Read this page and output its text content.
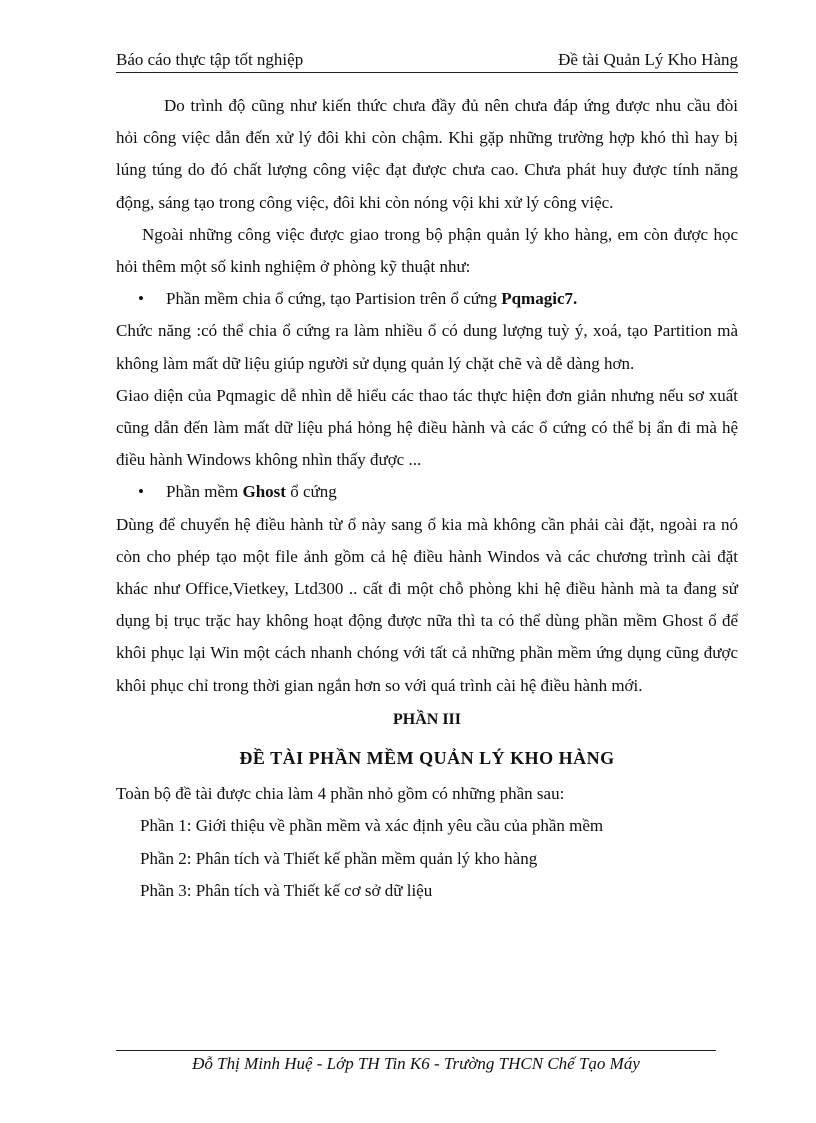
Báo cáo thực tập tốt nghiệp	Đề tài Quản Lý Kho Hàng

Do trình độ cũng như kiến thức chưa đầy đủ nên chưa đáp ứng được nhu cầu đòi hỏi công việc dẫn đến xử lý đôi khi còn chậm. Khi gặp những trường hợp khó thì hay bị lúng túng do đó chất lượng công việc đạt được chưa cao. Chưa phát huy được tính năng động, sáng tạo trong công việc, đôi khi còn nóng vội khi xử lý công việc.

Ngoài những công việc được giao trong bộ phận quản lý kho hàng, em còn được học hỏi thêm một số kinh nghiệm ở phòng kỹ thuật như:

•	Phần mềm chia ổ cứng, tạo Partision trên ổ cứng Pqmagic7.

Chức năng :có thể chia ổ cứng ra làm nhiều ổ có dung lượng tuỳ ý, xoá, tạo Partition mà không làm mất dữ liệu giúp người sử dụng quản lý chặt chẽ và dễ dàng hơn.

Giao diện của Pqmagic dễ nhìn dễ hiểu các thao tác thực hiện đơn giản nhưng nếu sơ xuất cũng dẫn đến làm mất dữ liệu phá hỏng hệ điều hành và các ổ cứng có thể bị ẩn đi mà hệ điều hành Windows không nhìn thấy được ...

•	Phần mềm Ghost ổ cứng

Dùng để chuyển hệ điều hành từ ổ này sang ổ kia mà không cần phải cài đặt, ngoài ra nó còn cho phép tạo một file ảnh gồm cả hệ điều hành Windos và các chương trình cài đặt khác như Office,Vietkey, Ltd300 .. cất đi một chỗ phòng khi hệ điều hành mà ta đang sử dụng bị trục trặc hay không hoạt động được nữa thì ta có thể dùng phần mềm Ghost ổ để khôi phục lại Win một cách nhanh chóng với tất cả những phần mềm ứng dụng cũng được khôi phục chỉ trong thời gian ngắn hơn so với quá trình cài hệ điều hành mới.

PHẦN III

ĐỀ TÀI PHẦN MỀM QUẢN LÝ KHO HÀNG

Toàn bộ đề tài được chia làm 4 phần nhỏ gồm có những phần sau:

Phần 1: Giới thiệu về phần mềm và xác định yêu cầu của phần mềm

Phần 2: Phân tích và Thiết kế phần mềm quản lý kho hàng

Phần 3: Phân tích và Thiết kế cơ sở dữ liệu

Đỗ Thị Minh Huệ - Lớp TH Tin K6 - Trường THCN Chế Tạo Máy
